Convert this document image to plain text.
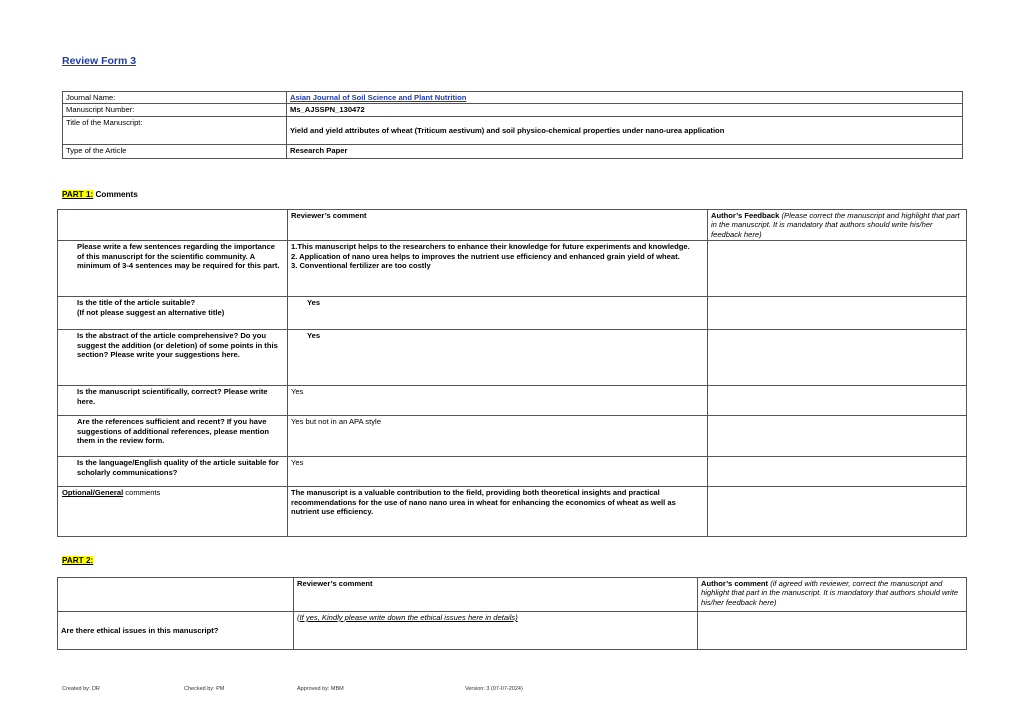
Review Form 3
Journal Name:	Asian Journal of Soil Science and Plant Nutrition
Manuscript Number:	Ms_AJSSPN_130472
Title of the Manuscript:	Yield and yield attributes of wheat (Triticum aestivum) and soil physico-chemical properties under nano-urea application
Type of the Article	Research Paper
PART 1: Comments
	Reviewer’s comment	Author’s Feedback (Please correct the manuscript and highlight that part in the manuscript. It is mandatory that authors should write his/her feedback here)
Please write a few sentences regarding the importance of this manuscript for the scientific community. A minimum of 3-4 sentences may be required for this part.	1.This manuscript helps to the researchers to enhance their knowledge for future experiments and knowledge.
2. Application of nano urea helps to improves the nutrient use efficiency and enhanced grain yield of wheat.
3. Conventional fertilizer are too costly	

Is the title of the article suitable?
(If not please suggest an alternative title)	Yes	
Is the abstract of the article comprehensive? Do you suggest the addition (or deletion) of some points in this section? Please write your suggestions here.	Yes	
Is the manuscript scientifically, correct? Please write here.	Yes	
Are the references sufficient and recent? If you have suggestions of additional references, please mention them in the review form.	Yes but not in an APA style	
Is the language/English quality of the article suitable for scholarly communications?	Yes	
Optional/General comments	The manuscript is a valuable contribution to the field, providing both theoretical insights and practical recommendations for the use of nano nano urea in wheat for enhancing the economics of wheat as well as nutrient use efficiency.	
PART 2:
	Reviewer’s comment	Author’s comment (if agreed with reviewer, correct the manuscript and highlight that part in the manuscript. It is mandatory that authors should write his/her feedback here)
Are there ethical issues in this manuscript?	(If yes, Kindly please write down the ethical issues here in details)	
Created by: DR	Checked by: PM	Approved by: MBM	Version: 3 (07-07-2024)
